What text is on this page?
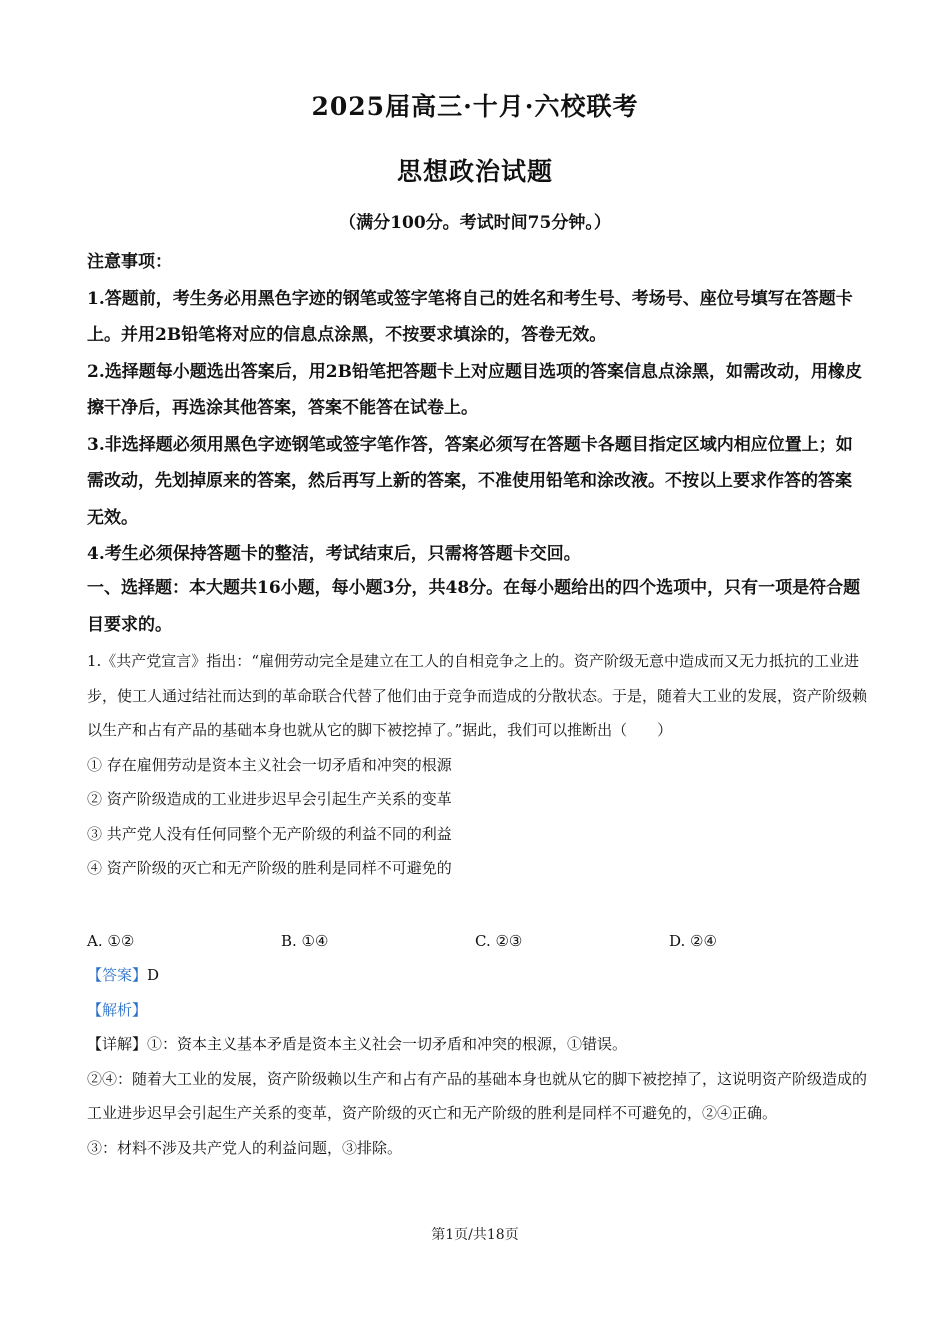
2025届高三·十月·六校联考
思想政治试题
（满分100分。考试时间75分钟。）

注意事项：

1.答题前，考生务必用黑色字迹的钢笔或签字笔将自己的姓名和考生号、考场号、座位号填写在答题卡上。并用2B铅笔将对应的信息点涂黑，不按要求填涂的，答卷无效。

2.选择题每小题选出答案后，用2B铅笔把答题卡上对应题目选项的答案信息点涂黑，如需改动，用橡皮擦干净后，再选涂其他答案，答案不能答在试卷上。

3.非选择题必须用黑色字迹钢笔或签字笔作答，答案必须写在答题卡各题目指定区域内相应位置上；如需改动，先划掉原来的答案，然后再写上新的答案，不准使用铅笔和涂改液。不按以上要求作答的答案无效。

4.考生必须保持答题卡的整洁，考试结束后，只需将答题卡交回。

一、选择题：本大题共16小题，每小题3分，共48分。在每小题给出的四个选项中，只有一项是符合题目要求的。

1.《共产党宣言》指出：“雇佣劳动完全是建立在工人的自相竞争之上的。资产阶级无意中造成而又无力抵抗的工业进步，使工人通过结社而达到的革命联合代替了他们由于竞争而造成的分散状态。于是，随着大工业的发展，资产阶级赖以生产和占有产品的基础本身也就从它的脚下被挖掉了。”据此，我们可以推断出（　　）

① 存在雇佣劳动是资本主义社会一切矛盾和冲突的根源

② 资产阶级造成的工业进步迟早会引起生产关系的变革

③ 共产党人没有任何同整个无产阶级的利益不同的利益

④ 资产阶级的灭亡和无产阶级的胜利是同样不可避免的

A. ①②	B. ①④	C. ②③	D. ②④

【答案】D

【解析】

【详解】①：资本主义基本矛盾是资本主义社会一切矛盾和冲突的根源，①错误。

②④：随着大工业的发展，资产阶级赖以生产和占有产品的基础本身也就从它的脚下被挖掉了，这说明资产阶级造成的工业进步迟早会引起生产关系的变革，资产阶级的灭亡和无产阶级的胜利是同样不可避免的，②④正确。

③：材料不涉及共产党人的利益问题，③排除。

第1页/共18页
